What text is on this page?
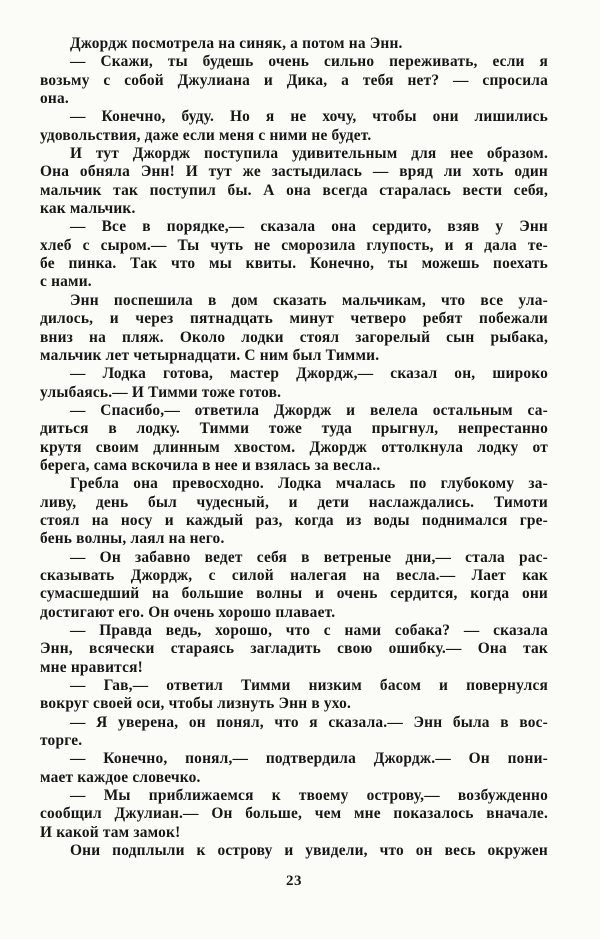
Джордж посмотрела на синяк, а потом на Энн.
— Скажи, ты будешь очень сильно переживать, если я
возьму с собой Джулиана и Дика, а тебя нет? — спросила
она.
— Конечно, буду. Но я не хочу, чтобы они лишились
удовольствия, даже если меня с ними не будет.
И тут Джордж поступила удивительным для нее образом.
Она обняла Энн! И тут же застыдилась — вряд ли хоть один
мальчик так поступил бы. А она всегда старалась вести себя,
как мальчик.
— Все в порядке,— сказала она сердито, взяв у Энн
хлеб с сыром.— Ты чуть не сморозила глупость, и я дала те-
бе пинка. Так что мы квиты. Конечно, ты можешь поехать
с нами.
Энн поспешила в дом сказать мальчикам, что все ула-
дилось, и через пятнадцать минут четверо ребят побежали
вниз на пляж. Около лодки стоял загорелый сын рыбака,
мальчик лет четырнадцати. С ним был Тимми.
— Лодка готова, мастер Джордж,— сказал он, широко
улыбаясь.— И Тимми тоже готов.
— Спасибо,— ответила Джордж и велела остальным са-
диться в лодку. Тимми тоже туда прыгнул, непрестанно
крутя своим длинным хвостом. Джордж оттолкнула лодку от
берега, сама вскочила в нее и взялась за весла..
Гребла она превосходно. Лодка мчалась по глубокому за-
ливу, день был чудесный, и дети наслаждались. Тимоти
стоял на носу и каждый раз, когда из воды поднимался гре-
бень волны, лаял на него.
— Он забавно ведет себя в ветреные дни,— стала рас-
сказывать Джордж, с силой налегая на весла.— Лает как
сумасшедший на большие волны и очень сердится, когда они
достигают его. Он очень хорошо плавает.
— Правда ведь, хорошо, что с нами собака? — сказала
Энн, всячески стараясь загладить свою ошибку.— Она так
мне нравится!
— Гав,— ответил Тимми низким басом и повернулся
вокруг своей оси, чтобы лизнуть Энн в ухо.
— Я уверена, он понял, что я сказала.— Энн была в вос-
торге.
— Конечно, понял,— подтвердила Джордж.— Он пони-
мает каждое словечко.
— Мы приближаемся к твоему острову,— возбужденно
сообщил Джулиан.— Он больше, чем мне показалось вначале.
И какой там замок!
Они подплыли к острову и увидели, что он весь окружен
23
